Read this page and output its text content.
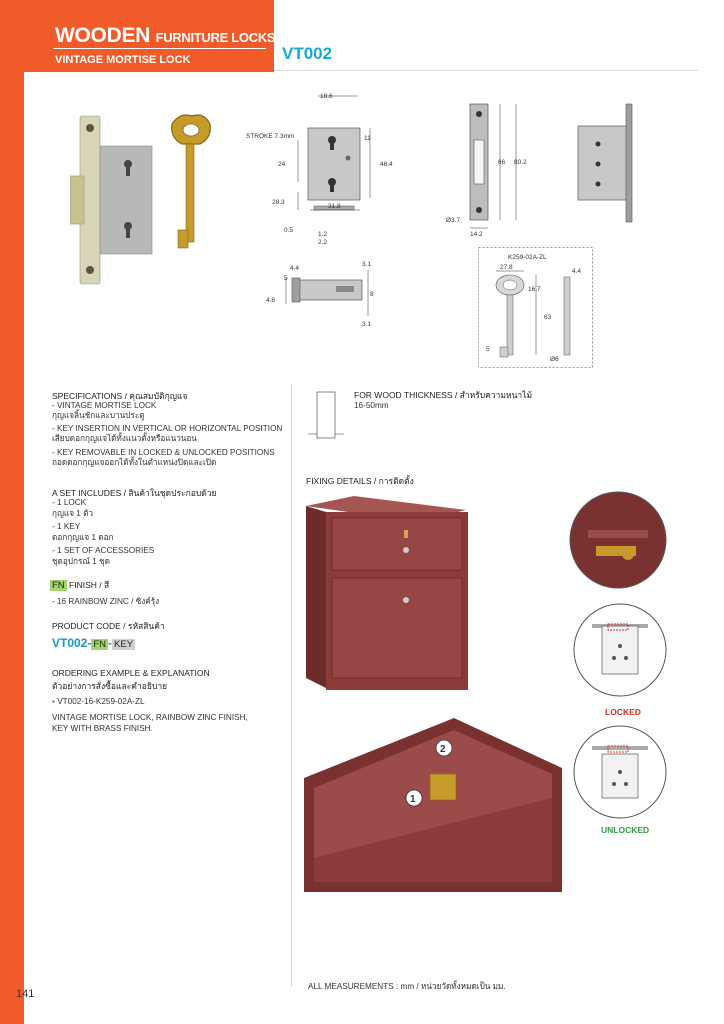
WOODEN FURNITURE LOCKS
VINTAGE MORTISE LOCK	VT002
18.6
STROKE 7.3mm	11
24	46.4
28.3
31.8
0.5
1.2
2.2
66 80.2
Ø3.7
14.2
4.4
5
4.8
3.1
8
3.1
K259-02A-ZL
27.8
4.4
16.7
63
5
Ø6
SPECIFICATIONS / คุณสมบัติกุญแจ
- VINTAGE MORTISE LOCK
กุญแจลิ้นชักและบานประตู
- KEY INSERTION IN VERTICAL OR HORIZONTAL POSITION
เสียบดอกกุญแจได้ทั้งแนวตั้งหรือแนวนอน
- KEY REMOVABLE IN LOCKED & UNLOCKED POSITIONS
ถอดดอกกุญแจออกได้ทั้งในตำแหน่งปิดและเปิด
A SET INCLUDES / สินค้าในชุดประกอบด้วย
- 1 LOCK
กุญแจ 1 ตัว
- 1 KEY
ดอกกุญแจ 1 ดอก
- 1 SET OF ACCESSORIES
ชุดอุปกรณ์ 1 ชุด
FN FINISH / สี
- 16 RAINBOW ZINC / ซิงค์รุ้ง
PRODUCT CODE / รหัสสินค้า
VT002- FN - KEY
ORDERING EXAMPLE & EXPLANATION
ตัวอย่างการสั่งซื้อและคำอธิบาย
▪ VT002-16-K259-02A-ZL
VINTAGE MORTISE LOCK, RAINBOW ZINC FINISH,
KEY WITH BRASS FINISH.
FOR WOOD THICKNESS / สำหรับความหนาไม้
16-50mm
FIXING DETAILS / การติดตั้ง
LOCKED
1
2
UNLOCKED
ALL MEASUREMENTS : mm / หน่วยวัดทั้งหมดเป็น มม.
141
